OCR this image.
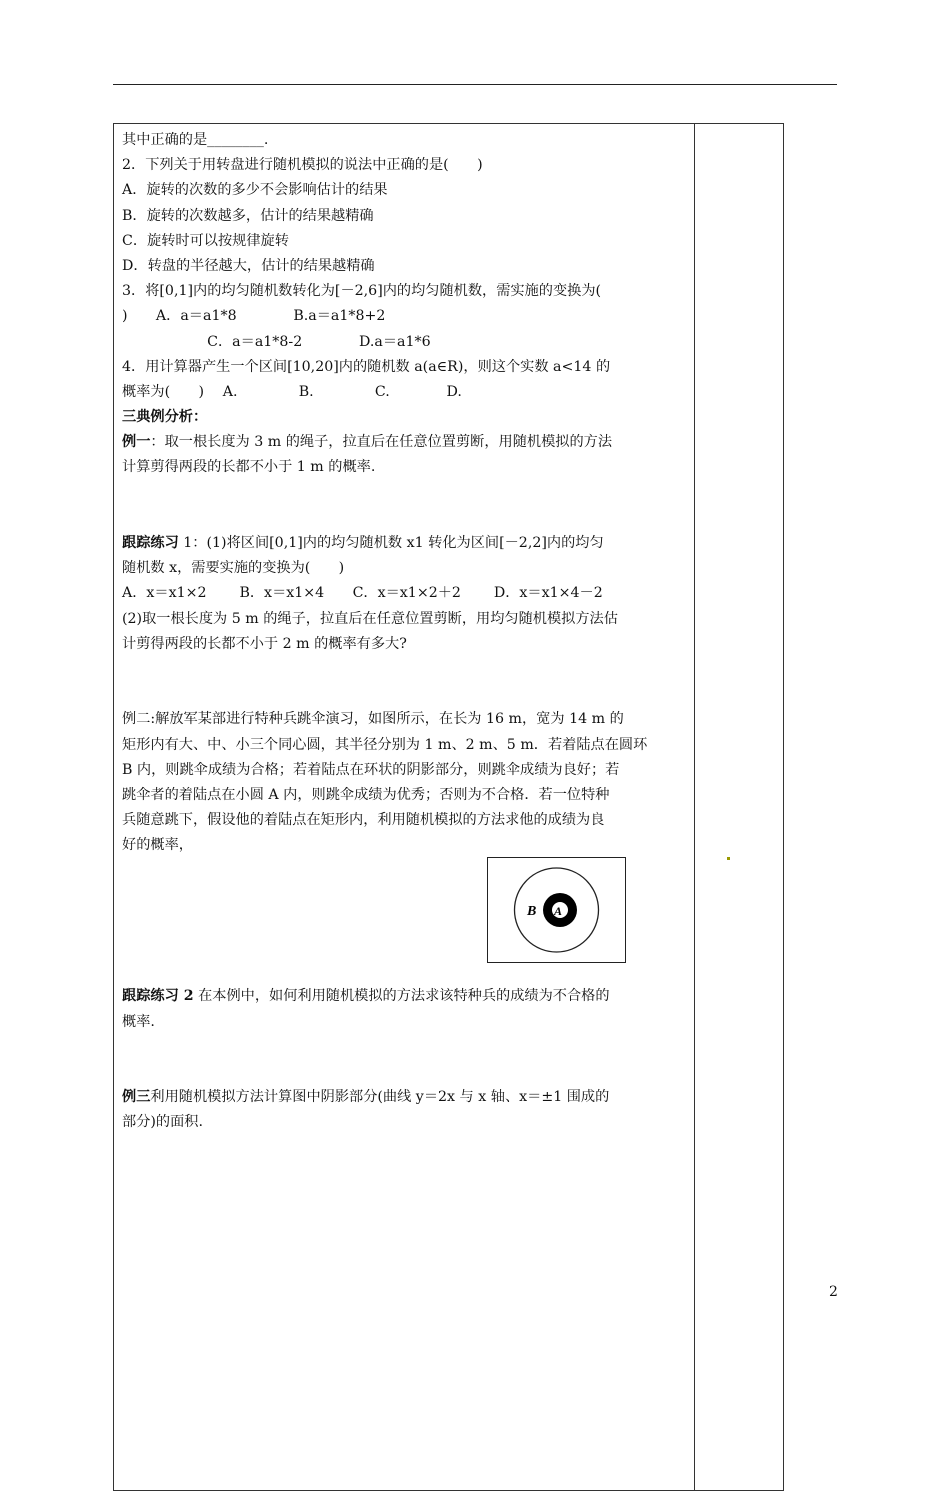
其中正确的是________.
2．下列关于用转盘进行随机模拟的说法中正确的是(　　)
A．旋转的次数的多少不会影响估计的结果
B．旋转的次数越多，估计的结果越精确
C．旋转时可以按规律旋转
D．转盘的半径越大，估计的结果越精确
3．将[0,1]内的均匀随机数转化为[－2,6]内的均匀随机数，需实施的变换为(
)　　A．a＝a1*8　　　　B.a＝a1*8+2
　　　　　　C．a＝a1*8-2　　　　D.a＝a1*6
4．用计算器产生一个区间[10,20]内的随机数 a(a∈R)，则这个实数 a<14 的
概率为(　　)　 A.　　　　 B.　　　　 C.　　　　D.
三典例分析：
例一：取一根长度为 3 m 的绳子，拉直后在任意位置剪断，用随机模拟的方法
计算剪得两段的长都不小于 1 m 的概率.
跟踪练习 1：(1)将区间[0,1]内的均匀随机数 x1 转化为区间[－2,2]内的均匀
随机数 x，需要实施的变换为(　　)
A．x＝x1×2　　 B．x＝x1×4　　C．x＝x1×2＋2　　 D．x＝x1×4－2
(2)取一根长度为 5 m 的绳子，拉直后在任意位置剪断，用均匀随机模拟方法估
计剪得两段的长都不小于 2 m 的概率有多大?
例二:解放军某部进行特种兵跳伞演习，如图所示，在长为 16 m，宽为 14 m 的
矩形内有大、中、小三个同心圆，其半径分别为 1 m、2 m、5 m．若着陆点在圆环
B 内，则跳伞成绩为合格；若着陆点在环状的阴影部分，则跳伞成绩为良好；若
跳伞者的着陆点在小圆 A 内，则跳伞成绩为优秀；否则为不合格．若一位特种
兵随意跳下，假设他的着陆点在矩形内，利用随机模拟的方法求他的成绩为良
好的概率，
跟踪练习 2 在本例中，如何利用随机模拟的方法求该特种兵的成绩为不合格的
概率.
例三利用随机模拟方法计算图中阴影部分(曲线 y＝2x 与 x 轴、x＝±1 围成的
部分)的面积.
B A
2
